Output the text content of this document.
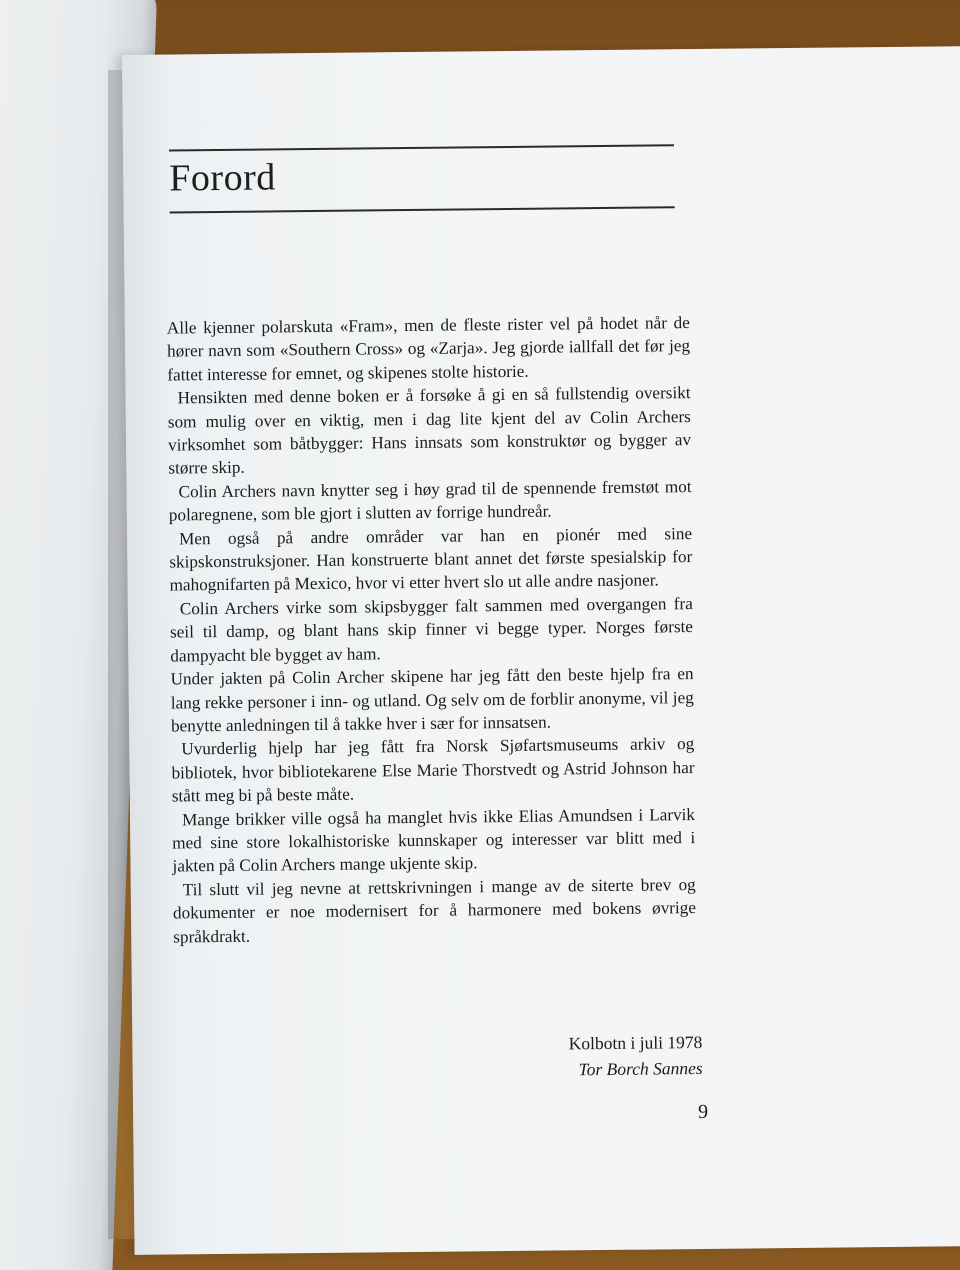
Forord

Alle kjenner polarskuta «Fram», men de fleste rister vel på hodet når de hører navn som «Southern Cross» og «Zarja». Jeg gjorde iallfall det før jeg fattet interesse for emnet, og skipenes stolte historie.

Hensikten med denne boken er å forsøke å gi en så fullstendig oversikt som mulig over en viktig, men i dag lite kjent del av Colin Archers virksomhet som båtbygger: Hans innsats som konstruktør og bygger av større skip.

Colin Archers navn knytter seg i høy grad til de spennende fremstøt mot polaregnene, som ble gjort i slutten av forrige hundreår.

Men også på andre områder var han en pionér med sine skipskonstruksjoner. Han konstruerte blant annet det første spesialskip for mahognifarten på Mexico, hvor vi etter hvert slo ut alle andre nasjoner.

Colin Archers virke som skipsbygger falt sammen med overgangen fra seil til damp, og blant hans skip finner vi begge typer. Norges første dampyacht ble bygget av ham.

Under jakten på Colin Archer skipene har jeg fått den beste hjelp fra en lang rekke personer i inn- og utland. Og selv om de forblir anonyme, vil jeg benytte anledningen til å takke hver i sær for innsatsen.

Uvurderlig hjelp har jeg fått fra Norsk Sjøfartsmuseums arkiv og bibliotek, hvor bibliotekarene Else Marie Thorstvedt og Astrid Johnson har stått meg bi på beste måte.

Mange brikker ville også ha manglet hvis ikke Elias Amundsen i Larvik med sine store lokalhistoriske kunnskaper og interesser var blitt med i jakten på Colin Archers mange ukjente skip.

Til slutt vil jeg nevne at rettskrivningen i mange av de siterte brev og dokumenter er noe modernisert for å harmonere med bokens øvrige språkdrakt.

Kolbotn i juli 1978
Tor Borch Sannes
9
